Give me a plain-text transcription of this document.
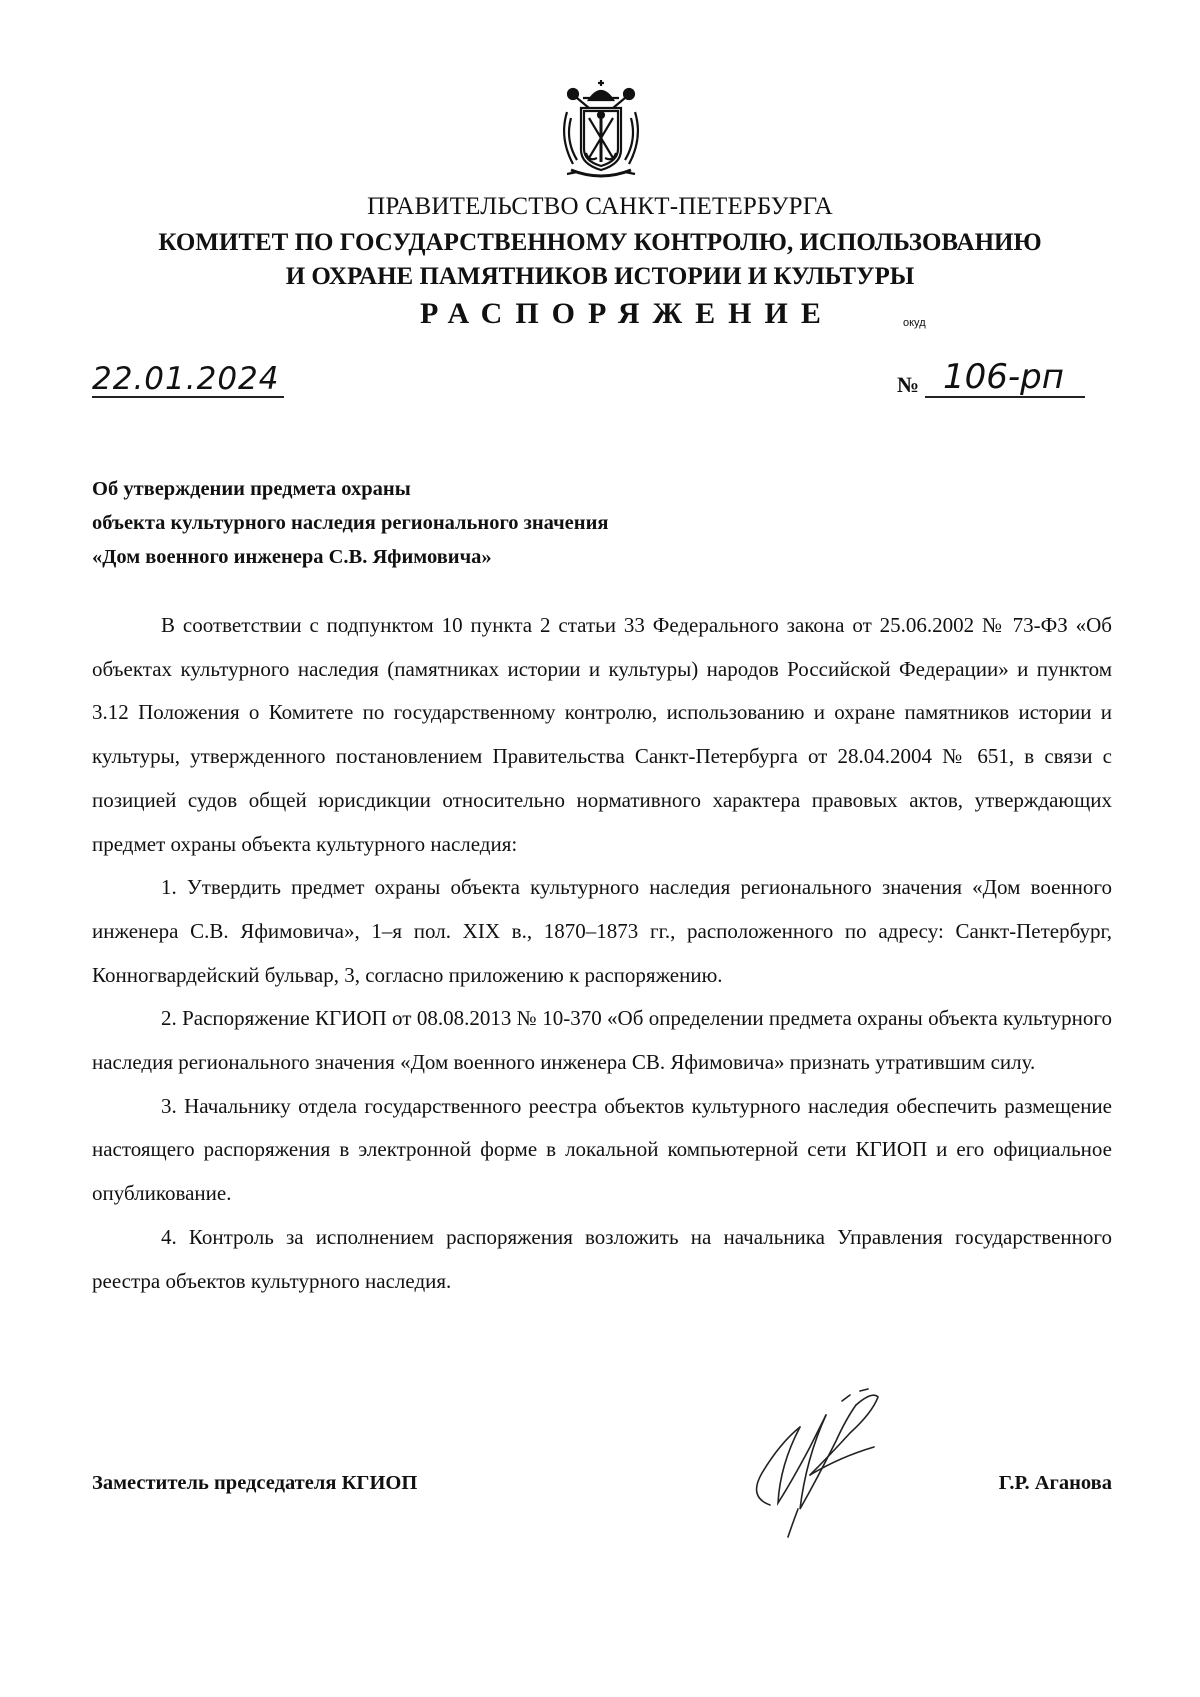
ПРАВИТЕЛЬСТВО САНКТ-ПЕТЕРБУРГА
КОМИТЕТ ПО ГОСУДАРСТВЕННОМУ КОНТРОЛЮ, ИСПОЛЬЗОВАНИЮ
И ОХРАНЕ ПАМЯТНИКОВ ИСТОРИИ И КУЛЬТУРЫ
РАСПОРЯЖЕНИЕ	окуд
22.01.2024	№ 106-рп
Об утверждении предмета охраны
объекта культурного наследия регионального значения
«Дом военного инженера С.В. Яфимовича»

В соответствии с подпунктом 10 пункта 2 статьи 33 Федерального закона от 25.06.2002 № 73-ФЗ «Об объектах культурного наследия (памятниках истории и культуры) народов Российской Федерации» и пунктом 3.12 Положения о Комитете по государственному контролю, использованию и охране памятников истории и культуры, утвержденного постановлением Правительства Санкт-Петербурга от 28.04.2004 № 651, в связи с позицией судов общей юрисдикции относительно нормативного характера правовых актов, утверждающих предмет охраны объекта культурного наследия:

1. Утвердить предмет охраны объекта культурного наследия регионального значения «Дом военного инженера С.В. Яфимовича», 1–я пол. XIX в., 1870–1873 гг., расположенного по адресу: Санкт-Петербург, Конногвардейский бульвар, 3, согласно приложению к распоряжению.

2. Распоряжение КГИОП от 08.08.2013 № 10-370 «Об определении предмета охраны объекта культурного наследия регионального значения «Дом военного инженера СВ. Яфимовича» признать утратившим силу.

3. Начальнику отдела государственного реестра объектов культурного наследия обеспечить размещение настоящего распоряжения в электронной форме в локальной компьютерной сети КГИОП и его официальное опубликование.

4. Контроль за исполнением распоряжения возложить на начальника Управления государственного реестра объектов культурного наследия.

Заместитель председателя КГИОП	Г.Р. Аганова
